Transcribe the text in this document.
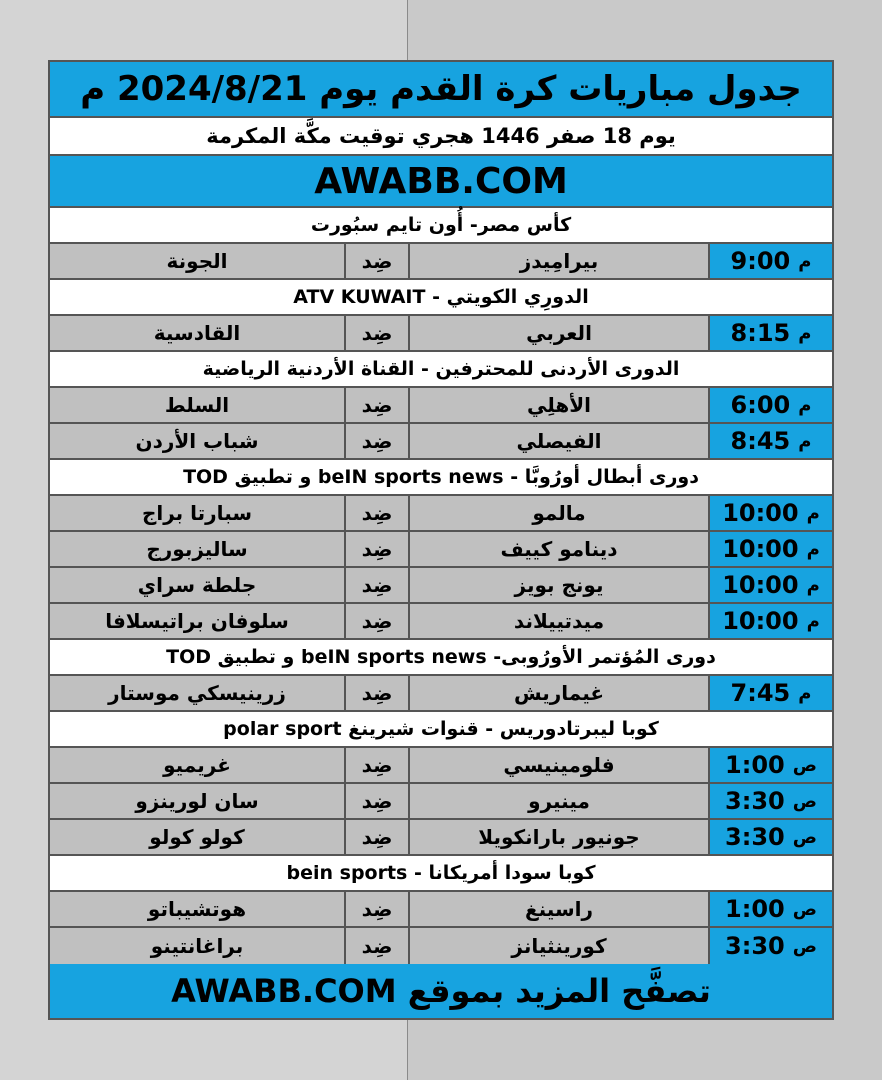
جدول مباريات كرة القدم يوم 2024/8/21 م
يوم 18 صفر 1446 هجري توقيت مكَّة المكرمة
AWABB.COM
كأس مصر- أُون تايم سبُورت
9:00 م
بيرامِيدز
ضِد
الجونة
الدورِي الكويتي - ATV KUWAIT
8:15 م
العربي
ضِد
القادسية
الدورى الأردنى للمحترفين - القناة الأردنية الرياضية
6:00 م
الأهلِي
ضِد
السلط
8:45 م
الفيصلي
ضِد
شباب الأردن
دورى أبطال أورُوبَّا - beIN sports news و تطبيق TOD
10:00 م
مالمو
ضِد
سبارتا براج
10:00 م
دينامو كييف
ضِد
ساليزبورج
10:00 م
يونج بويز
ضِد
جلطة سراي
10:00 م
ميدتييلاند
ضِد
سلوفان براتيسلافا
دورى المُؤتمر الأورُوبى- beIN sports news و تطبيق TOD
7:45 م
غيماريش
ضِد
زرينيسكي موستار
كوبا ليبرتادوريس - قنوات شيرينغ polar sport
1:00 ص
فلومينيسي
ضِد
غريميو
3:30 ص
مينيرو
ضِد
سان لورينزو
3:30 ص
جونيور بارانكويلا
ضِد
كولو كولو
كوبا سودا أمريكانا - bein sports
1:00 ص
راسينغ
ضِد
هوتشيباتو
3:30 ص
كورينثيانز
ضِد
براغانتينو
تصفَّح المزيد بموقع AWABB.COM
